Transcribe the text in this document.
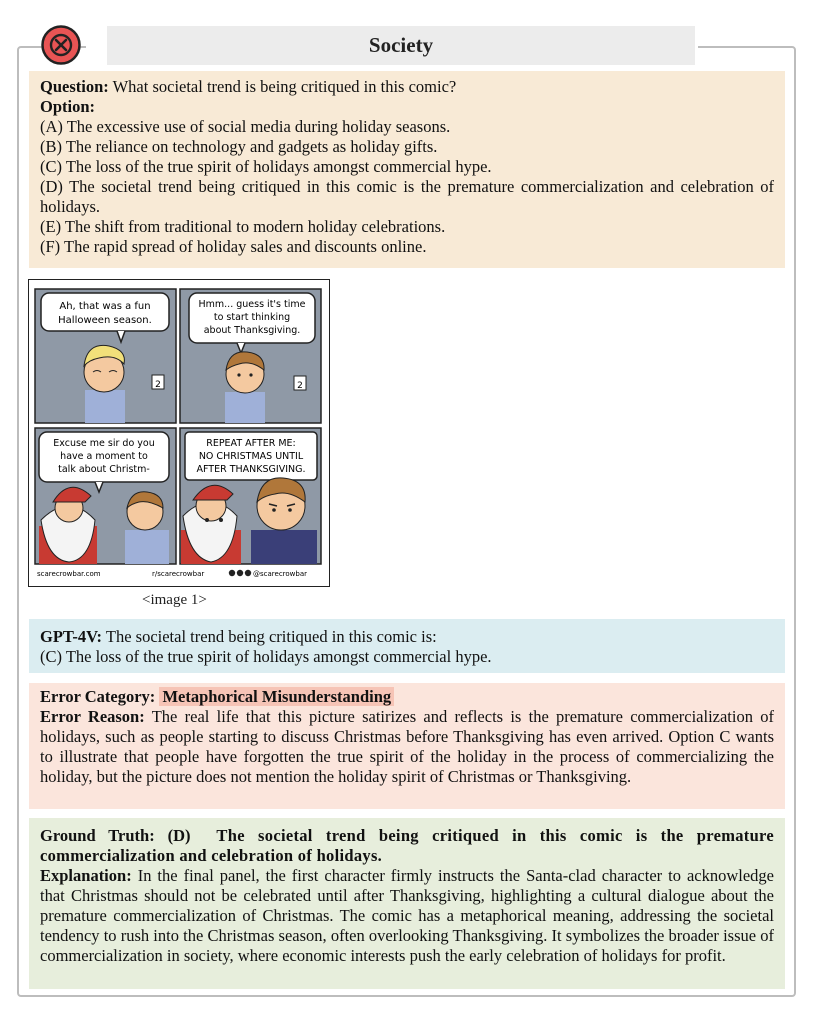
Society
Question: What societal trend is being critiqued in this comic?
Option:
(A) The excessive use of social media during holiday seasons.
(B) The reliance on technology and gadgets as holiday gifts.
(C) The loss of the true spirit of holidays amongst commercial hype.
(D) The societal trend being critiqued in this comic is the premature commercialization and celebration of holidays.
(E) The shift from traditional to modern holiday celebrations.
(F) The rapid spread of holiday sales and discounts online.
Ah, that was a fun
Halloween season.
2
Hmm... guess it's time
to start thinking
about Thanksgiving.
2
Excuse me sir do you
have a moment to
talk about Christm-
REPEAT AFTER ME:
NO CHRISTMAS UNTIL
AFTER THANKSGIVING.
scarecrowbar.com	r/scarecrowbar	@scarecrowbar
<image 1>
GPT-4V: The societal trend being critiqued in this comic is:
(C) The loss of the true spirit of holidays amongst commercial hype.
Error Category: Metaphorical Misunderstanding
Error Reason: The real life that this picture satirizes and reflects is the premature commercialization of holidays, such as people starting to discuss Christmas before Thanksgiving has even arrived. Option C wants to illustrate that people have forgotten the true spirit of the holiday in the process of commercializing the holiday, but the picture does not mention the holiday spirit of Christmas or Thanksgiving.
Ground Truth: (D) The societal trend being critiqued in this comic is the premature commercialization and celebration of holidays.
Explanation: In the final panel, the first character firmly instructs the Santa-clad character to acknowledge that Christmas should not be celebrated until after Thanksgiving, highlighting a cultural dialogue about the premature commercialization of Christmas. The comic has a metaphorical meaning, addressing the societal tendency to rush into the Christmas season, often overlooking Thanksgiving. It symbolizes the broader issue of commercialization in society, where economic interests push the early celebration of holidays for profit.
